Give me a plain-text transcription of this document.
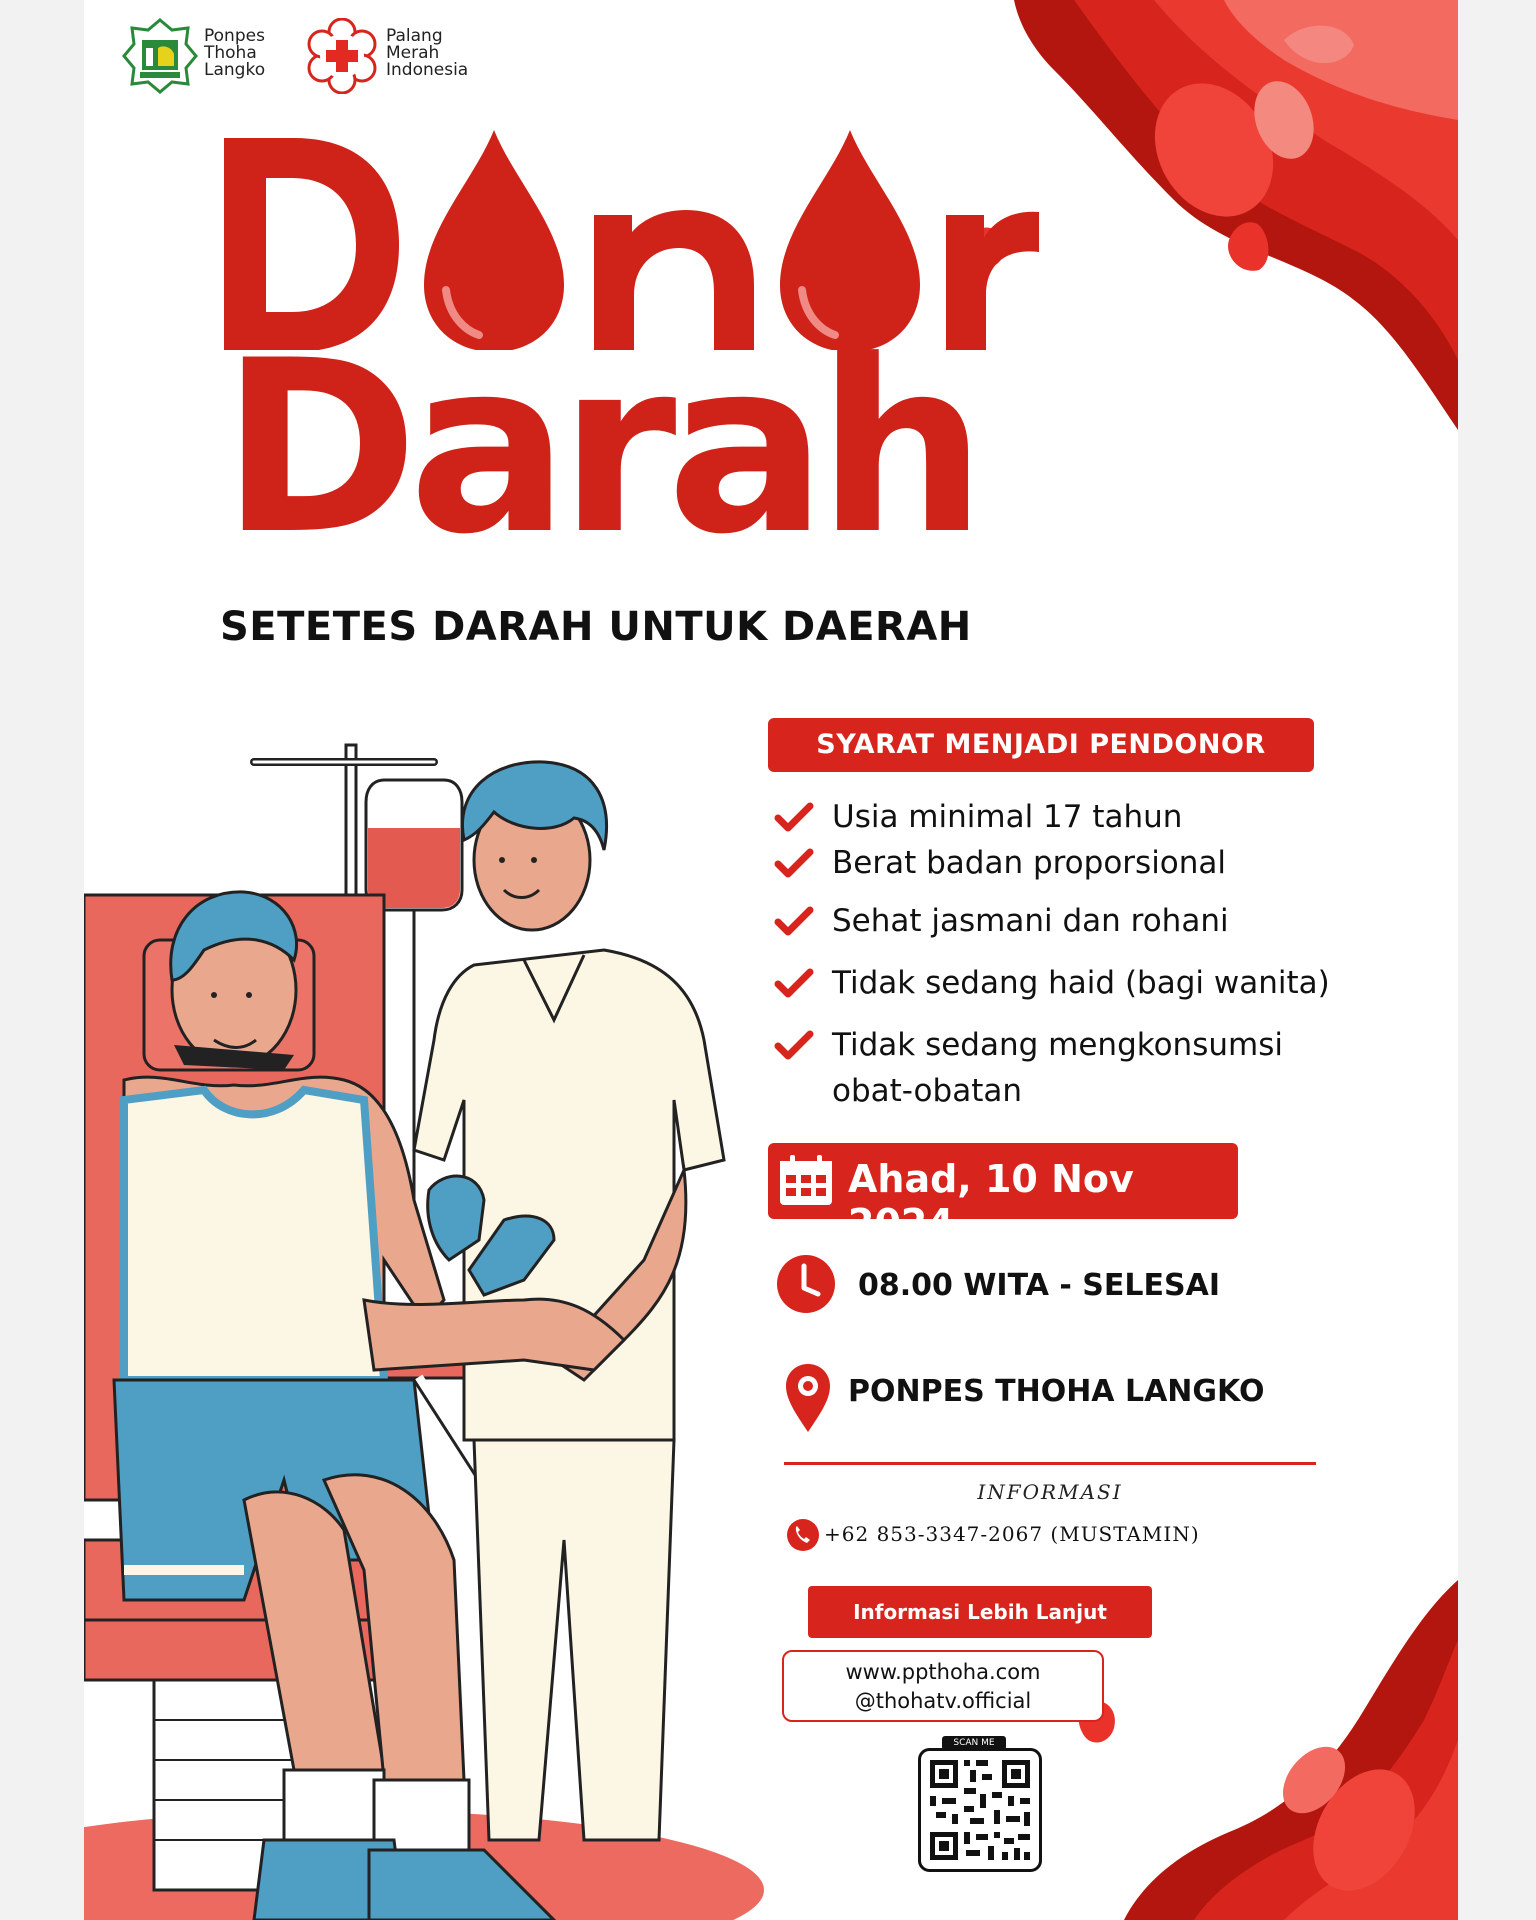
Ponpes
Thoha
Langko
Palang
Merah
Indonesia
Darah
SETETES DARAH UNTUK DAERAH
SYARAT MENJADI PENDONOR
Usia minimal 17 tahun
Berat badan proporsional
Sehat jasmani dan rohani
Tidak sedang haid (bagi wanita)
Tidak sedang mengkonsumsi
obat-obatan
Ahad, 10 Nov 2024
08.00 WITA - SELESAI
PONPES THOHA LANGKO
INFORMASI
+62 853-3347-2067 (MUSTAMIN)
Informasi Lebih Lanjut
www.ppthoha.com
@thohatv.official
SCAN ME
